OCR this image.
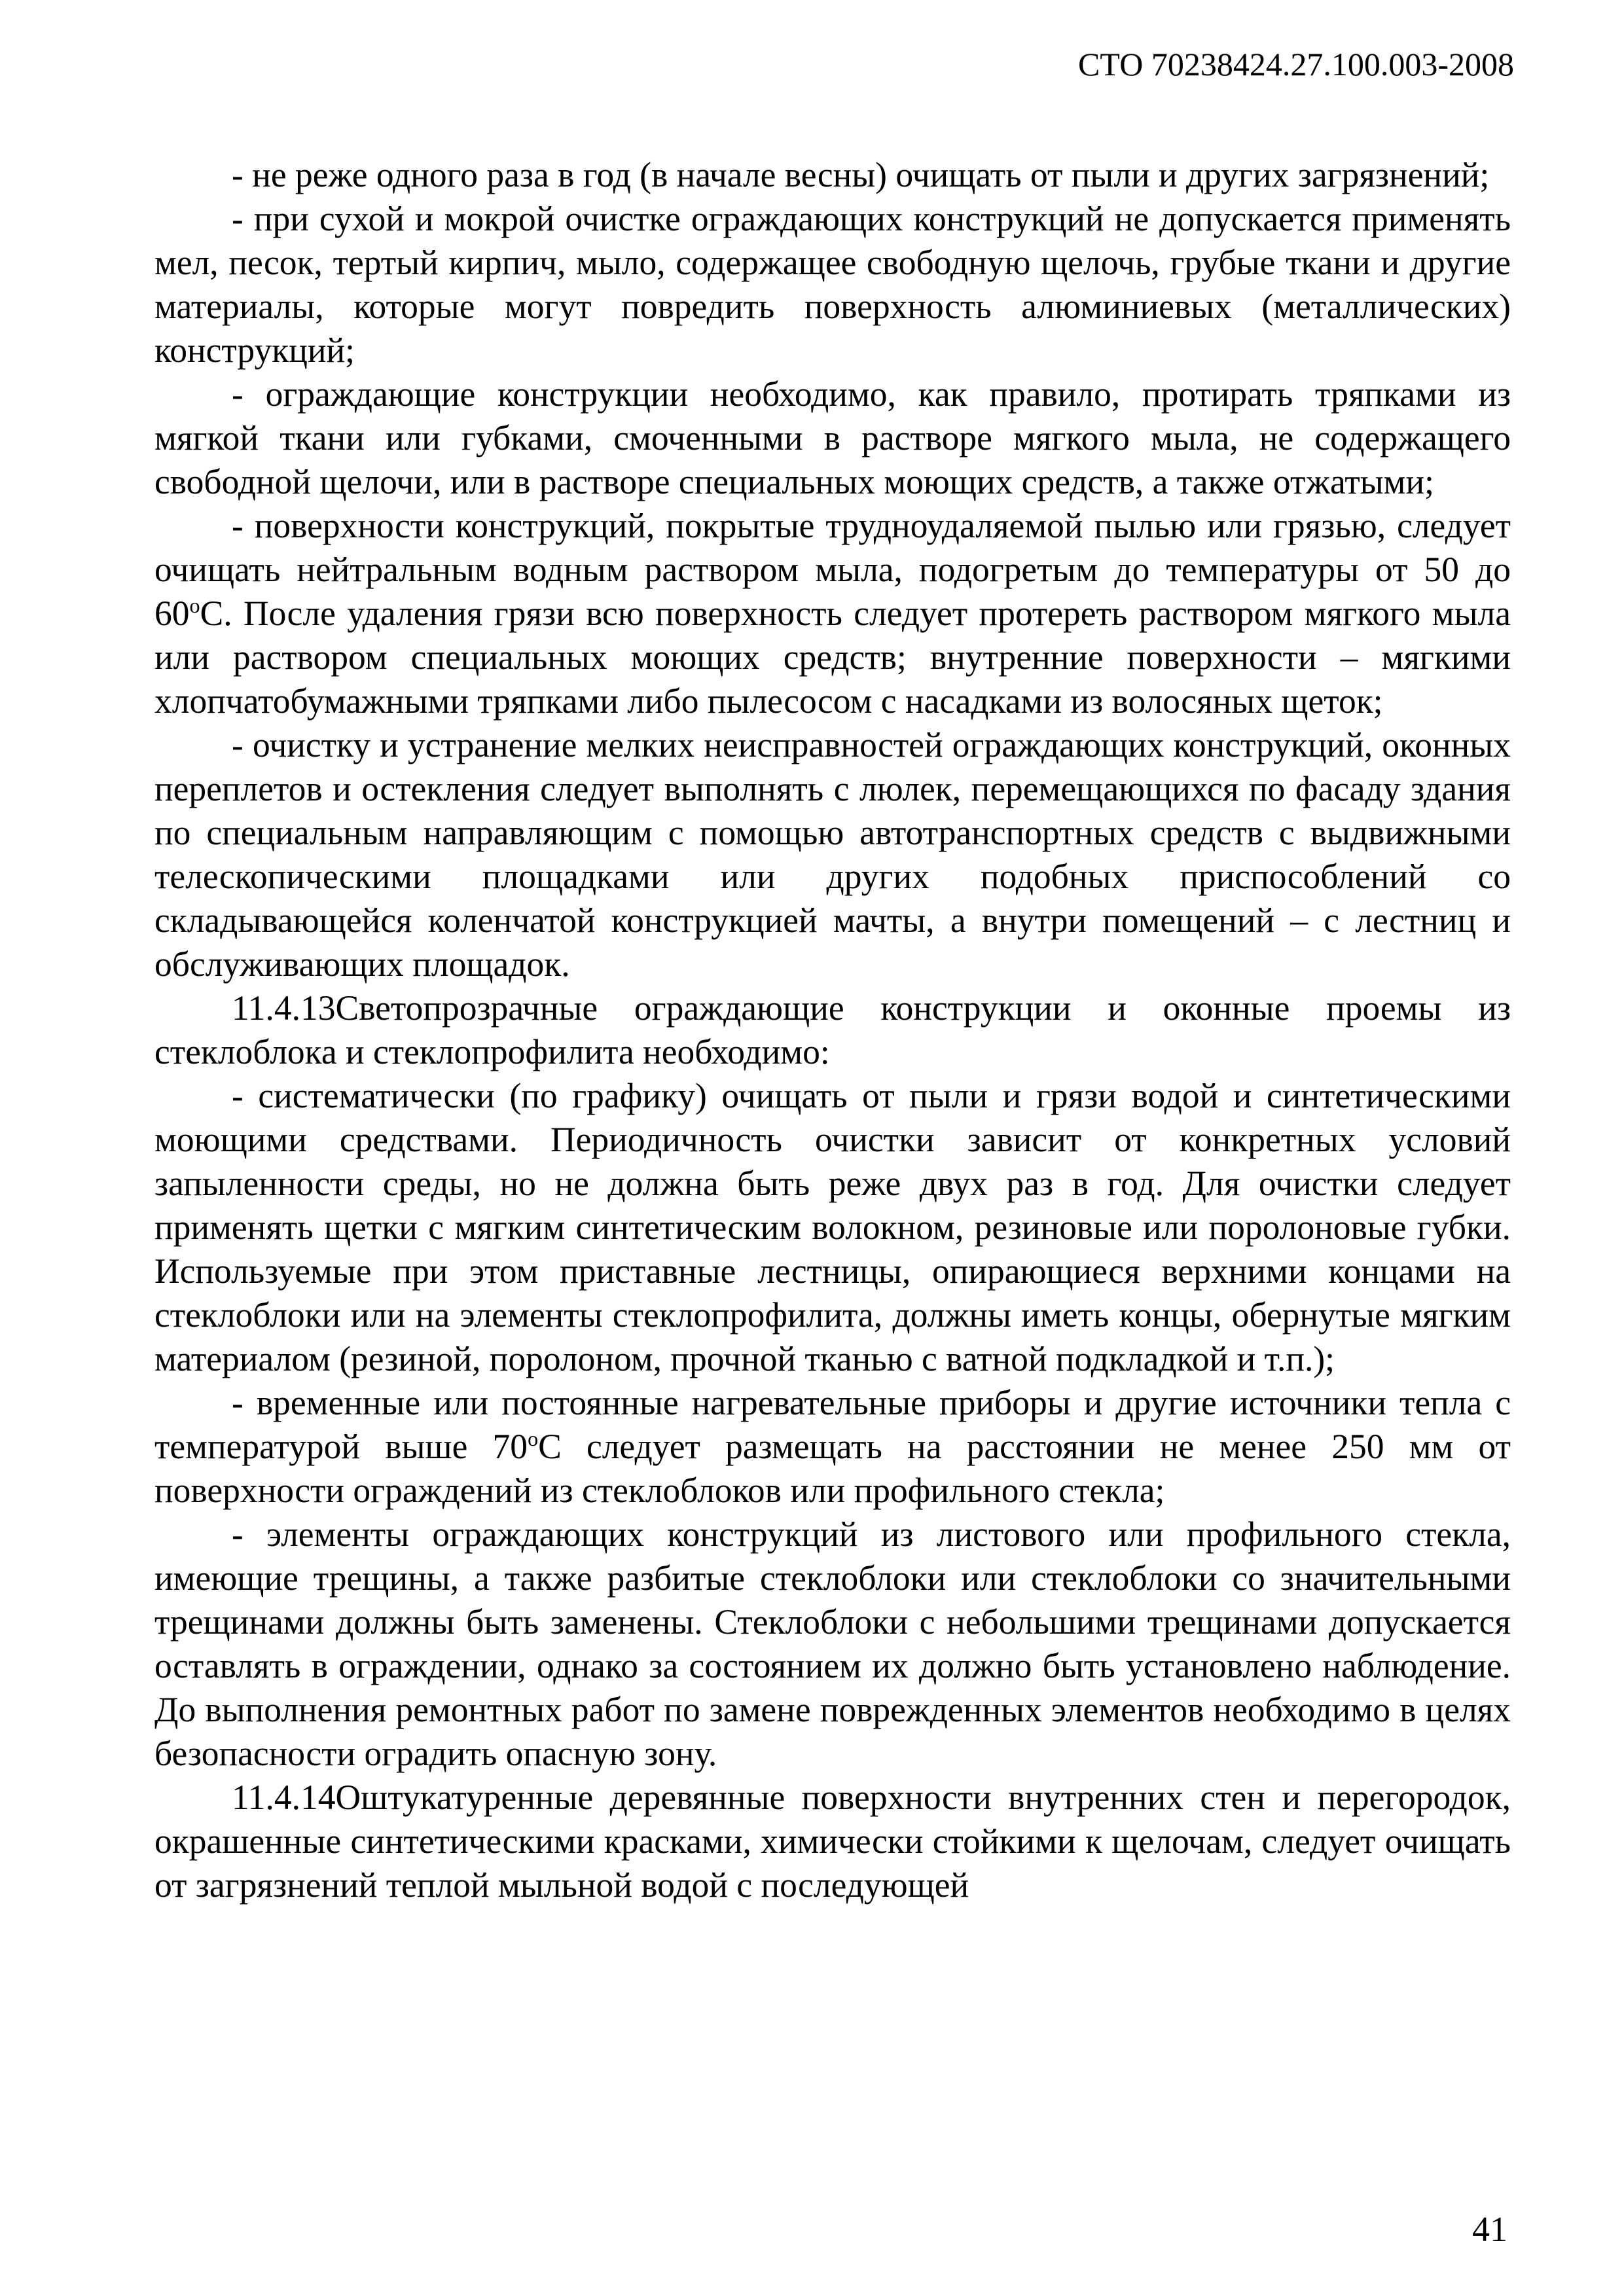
СТО 70238424.27.100.003-2008

- не реже одного раза в год (в начале весны) очищать от пыли и других загрязнений;

- при сухой и мокрой очистке ограждающих конструкций не допускается применять мел, песок, тертый кирпич, мыло, содержащее свободную щелочь, грубые ткани и другие материалы, которые могут повредить поверхность алюминиевых (металлических) конструкций;

- ограждающие конструкции необходимо, как правило, протирать тряпками из мягкой ткани или губками, смоченными в растворе мягкого мыла, не содержащего свободной щелочи, или в растворе специальных моющих средств, а также отжатыми;

- поверхности конструкций, покрытые трудноудаляемой пылью или грязью, следует очищать нейтральным водным раствором мыла, подогретым до температуры от 50 до $60^оС$. После удаления грязи всю поверхность следует протереть раствором мягкого мыла или раствором специальных моющих средств; внутренние поверхности – мягкими хлопчатобумажными тряпками либо пылесосом с насадками из волосяных щеток;

- очистку и устранение мелких неисправностей ограждающих конструкций, оконных переплетов и остекления следует выполнять с люлек, перемещающихся по фасаду здания по специальным направляющим с помощью автотранспортных средств с выдвижными телескопическими площадками или других подобных приспособлений со складывающейся коленчатой конструкцией мачты, а внутри помещений – с лестниц и обслуживающих площадок.

11.4.13Светопрозрачные ограждающие конструкции и оконные проемы из стеклоблока и стеклопрофилита необходимо:

- систематически (по графику) очищать от пыли и грязи водой и синтетическими моющими средствами. Периодичность очистки зависит от конкретных условий запыленности среды, но не должна быть реже двух раз в год. Для очистки следует применять щетки с мягким синтетическим волокном, резиновые или поролоновые губки. Используемые при этом приставные лестницы, опирающиеся верхними концами на стеклоблоки или на элементы стеклопрофилита, должны иметь концы, обернутые мягким материалом (резиной, поролоном, прочной тканью с ватной подкладкой и т.п.);

- временные или постоянные нагревательные приборы и другие источники тепла с температурой выше $70^оС$ следует размещать на расстоянии не менее 250 мм от поверхности ограждений из стеклоблоков или профильного стекла;

- элементы ограждающих конструкций из листового или профильного стекла, имеющие трещины, а также разбитые стеклоблоки или стеклоблоки со значительными трещинами должны быть заменены. Стеклоблоки с небольшими трещинами допускается оставлять в ограждении, однако за состоянием их должно быть установлено наблюдение. До выполнения ремонтных работ по замене поврежденных элементов необходимо в целях безопасности оградить опасную зону.

11.4.14Оштукатуренные деревянные поверхности внутренних стен и перегородок, окрашенные синтетическими красками, химически стойкими к щелочам, следует очищать от загрязнений теплой мыльной водой с последующей

41
